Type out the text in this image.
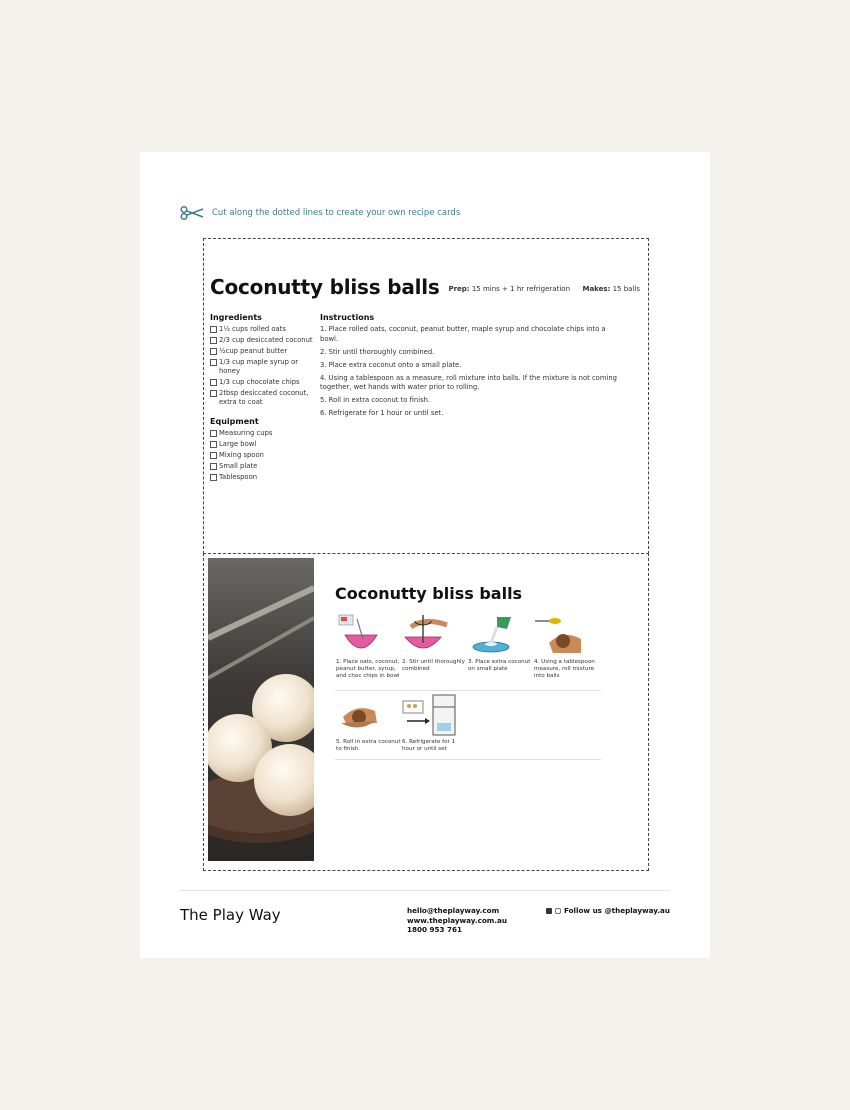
Cut along the dotted lines to create your own recipe cards
Coconutty bliss balls Prep: 15 mins + 1 hr refrigeration Makes: 15 balls
Ingredients
1½ cups rolled oats
2/3 cup desiccated coconut
½cup peanut butter
1/3 cup maple syrup or honey
1/3 cup chocolate chips
2tbsp desiccated coconut, extra to coat
Equipment
Measuring cups
Large bowl
Mixing spoon
Small plate
Tablespoon
Instructions
1. Place rolled oats, coconut, peanut butter, maple syrup and chocolate chips into a bowl.
2. Stir until thoroughly combined.
3. Place extra coconut onto a small plate.
4. Using a tablespoon as a measure, roll mixture into balls. If the mixture is not coming together, wet hands with water prior to rolling.
5. Roll in extra coconut to finish.
6. Refrigerate for 1 hour or until set.
Coconutty bliss balls
1. Place oats, coconut, peanut butter, syrup, and choc chips in bowl
2. Stir until thoroughly combined
3. Place extra coconut on small plate
4. Using a tablespoon measure, roll mixture into balls
5. Roll in extra coconut to finish.
6. Refrigerate for 1 hour or until set
The Play Way	hello@theplayway.com
www.theplayway.com.au
1800 953 761
Follow us @theplayway.au
